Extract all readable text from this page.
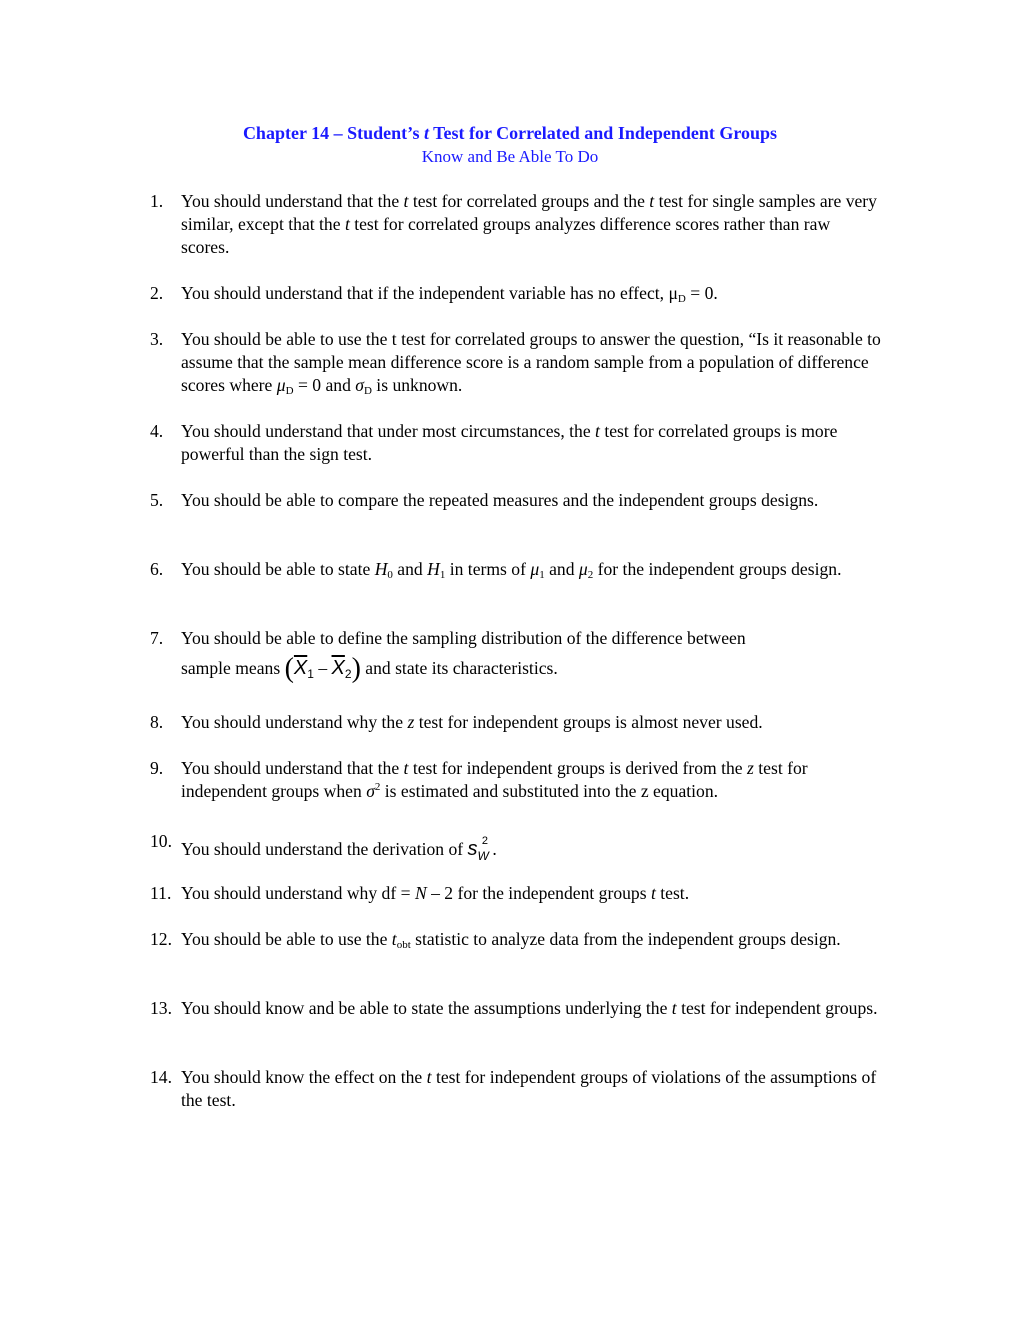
Chapter 14 – Student’s t Test for Correlated and Independent Groups
Know and Be Able To Do
1. You should understand that the t test for correlated groups and the t test for single samples are very similar, except that the t test for correlated groups analyzes difference scores rather than raw scores.
2. You should understand that if the independent variable has no effect, $\mu_D = 0$.
3. You should be able to use the t test for correlated groups to answer the question, “Is it reasonable to assume that the sample mean difference score is a random sample from a population of difference scores where $\mu_D = 0$ and $\sigma_D$ is unknown.
4. You should understand that under most circumstances, the t test for correlated groups is more powerful than the sign test.
5. You should be able to compare the repeated measures and the independent groups designs.
6. You should be able to state $H_0$ and $H_1$ in terms of $\mu_1$ and $\mu_2$ for the independent groups design.
7. You should be able to define the sampling distribution of the difference between
sample means $(\overline{X}_1 - \overline{X}_2)$ and state its characteristics.
8. You should understand why the z test for independent groups is almost never used.
9. You should understand that the t test for independent groups is derived from the z test for independent groups when $\sigma^2$ is estimated and substituted into the z equation.
10. You should understand the derivation of $s_W^2$ .
11. You should understand why df = N – 2 for the independent groups t test.
12. You should be able to use the $t_{obt}$ statistic to analyze data from the independent groups design.
13. You should know and be able to state the assumptions underlying the t test for independent groups.
14. You should know the effect on the t test for independent groups of violations of the assumptions of the test.
